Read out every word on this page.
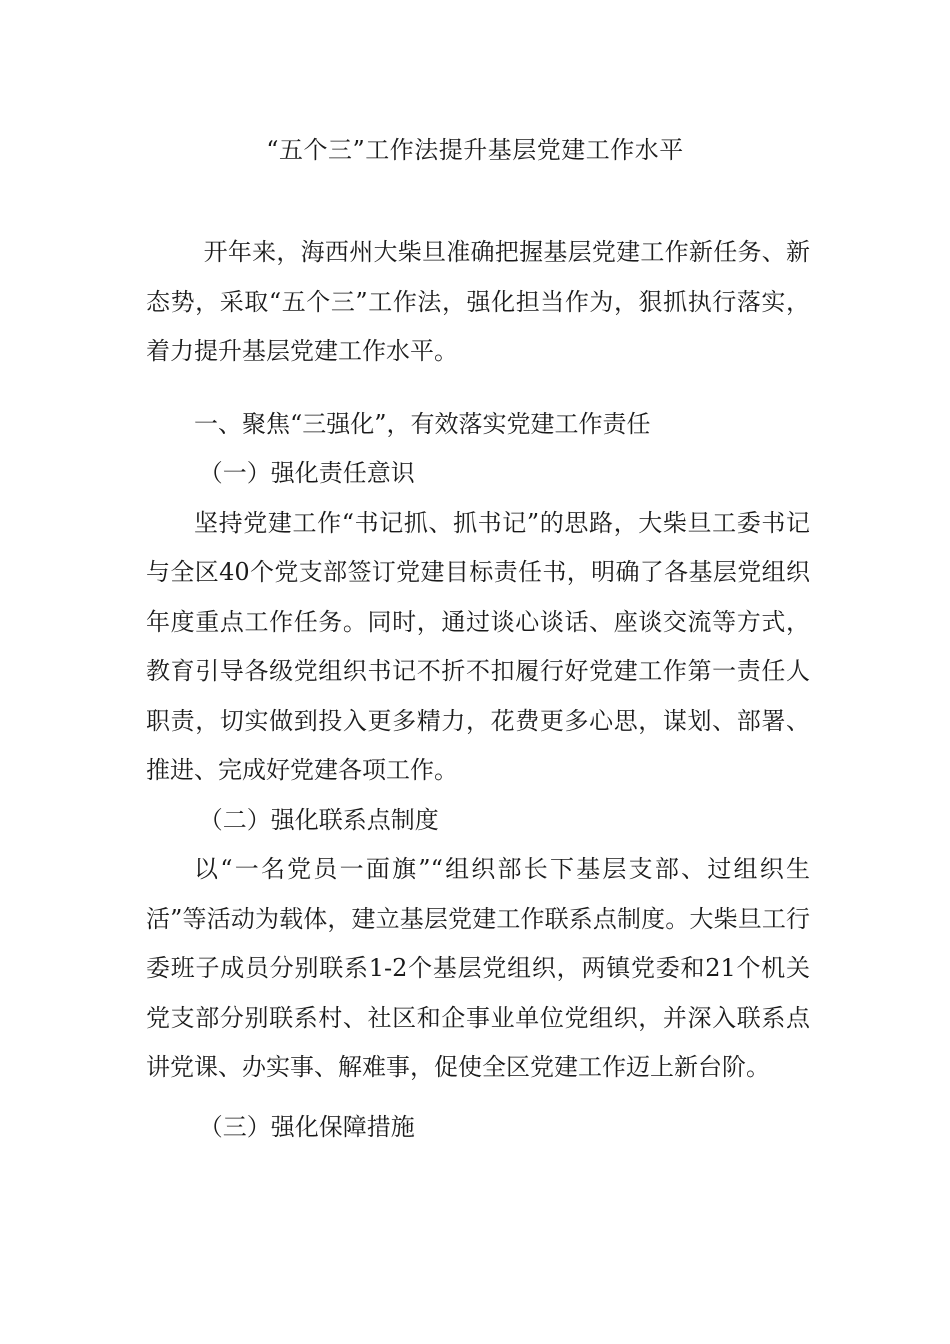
“五个三”工作法提升基层党建工作水平

开年来，海西州大柴旦准确把握基层党建工作新任务、新态势，采取“五个三”工作法，强化担当作为，狠抓执行落实，着力提升基层党建工作水平。

一、聚焦“三强化”，有效落实党建工作责任

（一）强化责任意识

坚持党建工作“书记抓、抓书记”的思路，大柴旦工委书记与全区40个党支部签订党建目标责任书，明确了各基层党组织年度重点工作任务。同时，通过谈心谈话、座谈交流等方式，教育引导各级党组织书记不折不扣履行好党建工作第一责任人职责，切实做到投入更多精力，花费更多心思，谋划、部署、推进、完成好党建各项工作。

（二）强化联系点制度

以“一名党员一面旗”“组织部长下基层支部、过组织生活”等活动为载体，建立基层党建工作联系点制度。大柴旦工行委班子成员分别联系1-2个基层党组织，两镇党委和21个机关党支部分别联系村、社区和企事业单位党组织，并深入联系点讲党课、办实事、解难事，促使全区党建工作迈上新台阶。

（三）强化保障措施
